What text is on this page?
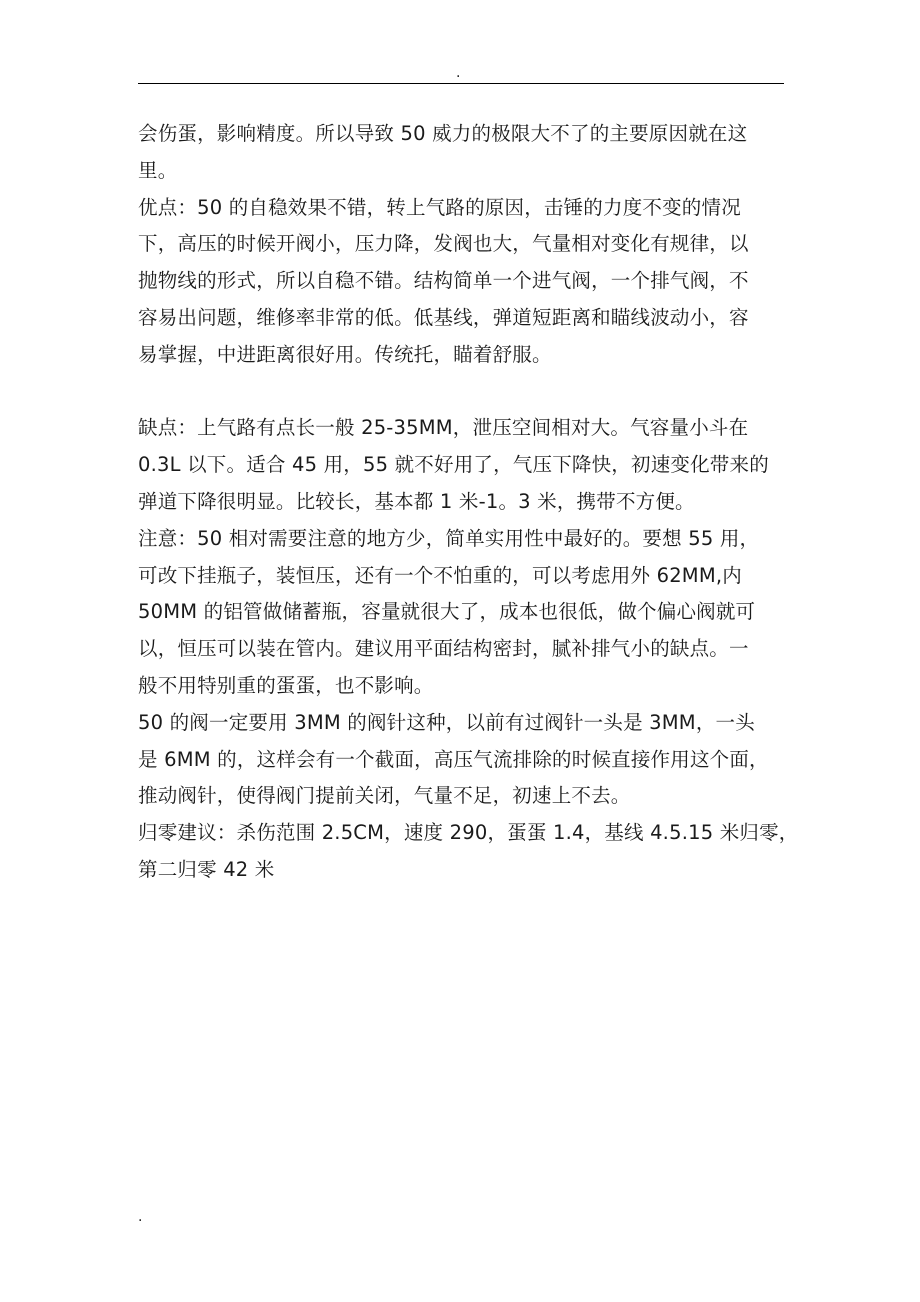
.
会伤蛋，影响精度。所以导致 50 威力的极限大不了的主要原因就在这
里。
优点：50 的自稳效果不错，转上气路的原因，击锤的力度不变的情况
下，高压的时候开阀小，压力降，发阀也大，气量相对变化有规律，以
抛物线的形式，所以自稳不错。结构简单一个进气阀，一个排气阀，不
容易出问题，维修率非常的低。低基线，弹道短距离和瞄线波动小，容
易掌握，中进距离很好用。传统托，瞄着舒服。
缺点：上气路有点长一般 25-35MM，泄压空间相对大。气容量小斗在
0.3L 以下。适合 45 用，55 就不好用了，气压下降快，初速变化带来的
弹道下降很明显。比较长，基本都 1 米-1。3 米，携带不方便。
注意：50 相对需要注意的地方少，简单实用性中最好的。要想 55 用，
可改下挂瓶子，装恒压，还有一个不怕重的，可以考虑用外 62MM,内
50MM 的铝管做储蓄瓶，容量就很大了，成本也很低，做个偏心阀就可
以，恒压可以装在管内。建议用平面结构密封，腻补排气小的缺点。一
般不用特别重的蛋蛋，也不影响。
50 的阀一定要用 3MM 的阀针这种，以前有过阀针一头是 3MM，一头
是 6MM 的，这样会有一个截面，高压气流排除的时候直接作用这个面，
推动阀针，使得阀门提前关闭，气量不足，初速上不去。
归零建议：杀伤范围 2.5CM，速度 290，蛋蛋 1.4，基线 4.5.15 米归零，
第二归零 42 米
.
